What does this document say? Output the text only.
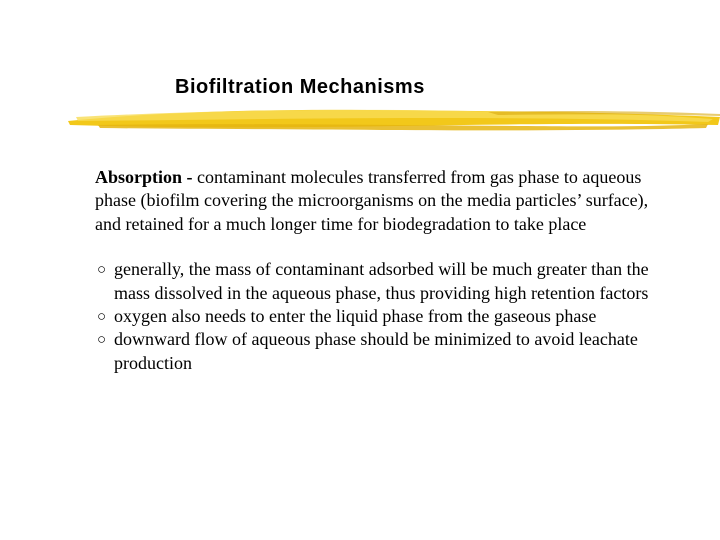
Biofiltration Mechanisms

Absorption - contaminant molecules transferred from gas phase to aqueous phase (biofilm covering the microorganisms on the media particles’ surface), and retained for a much longer time for biodegradation to take place

○ generally, the mass of contaminant adsorbed will be much greater than the mass dissolved in the aqueous phase, thus providing high retention factors
○ oxygen also needs to enter the liquid phase from the gaseous phase
○ downward flow of aqueous phase should be minimized to avoid leachate production
